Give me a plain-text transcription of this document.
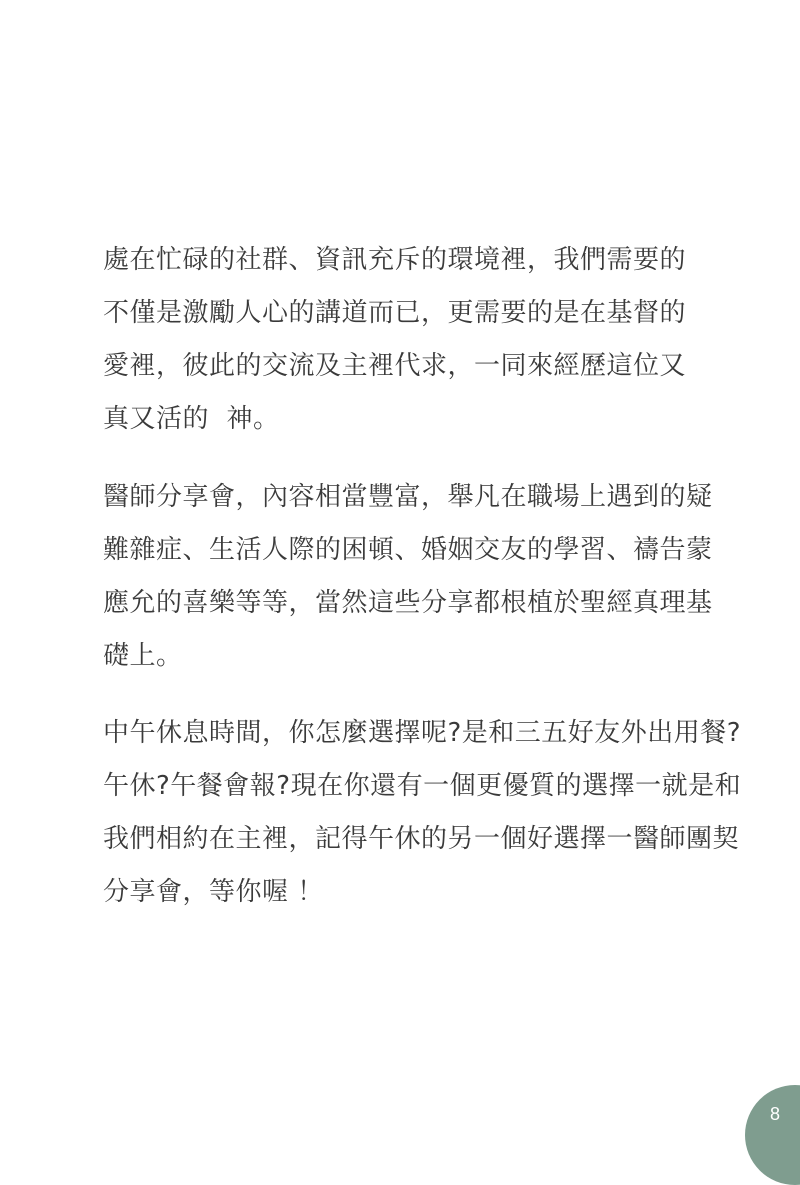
處在忙碌的社群、資訊充斥的環境裡，我們需要的
不僅是激勵人心的講道而已，更需要的是在基督的
愛裡，彼此的交流及主裡代求，一同來經歷這位又
真又活的  神。
醫師分享會，內容相當豐富，舉凡在職場上遇到的疑
難雜症、生活人際的困頓、婚姻交友的學習、禱告蒙
應允的喜樂等等，當然這些分享都根植於聖經真理基
礎上。
中午休息時間，你怎麼選擇呢?是和三五好友外出用餐?
午休?午餐會報?現在你還有一個更優質的選擇一就是和
我們相約在主裡，記得午休的另一個好選擇一醫師團契
分享會，等你喔 ！
8
